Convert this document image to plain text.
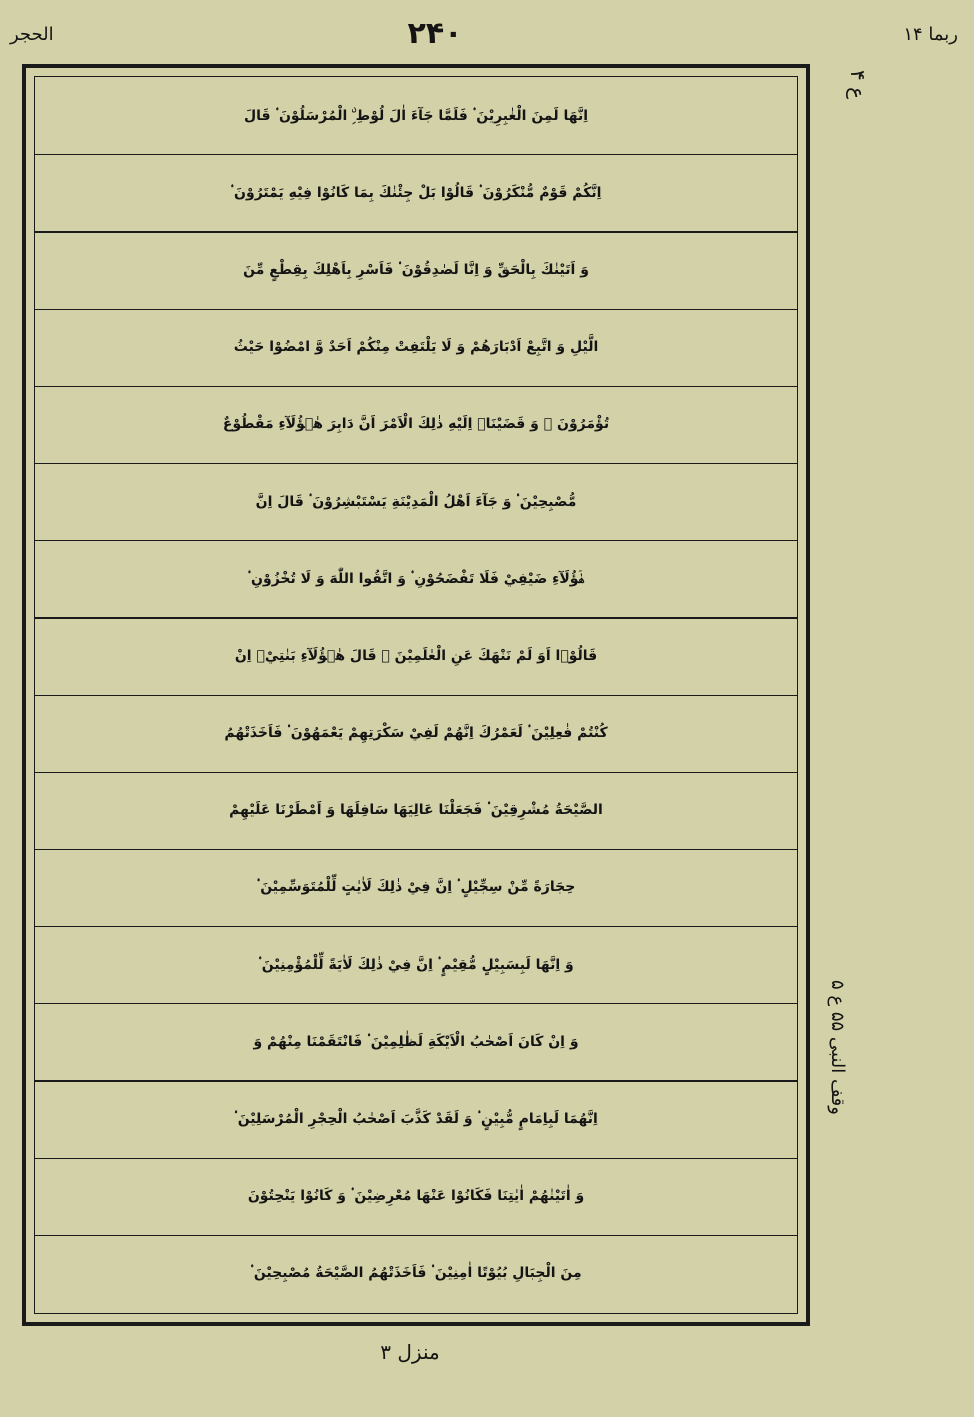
الحجر	۲۴۰	ربما ۱۴
اِنَّهَا لَمِنَ الْغٰبِرِيْنَ ۟ فَلَمَّا جَآءَ اٰلَ لُوْطِ ِۨ الْمُرْسَلُوْنَ ۟ قَالَ
اِنَّكُمْ قَوْمٌ مُّنْكَرُوْنَ ۟ قَالُوْا بَلْ جِئْنٰكَ بِمَا كَانُوْا فِيْهِ يَمْتَرُوْنَ ۟
وَ اَتَيْنٰكَ بِالْحَقِّ وَ اِنَّا لَصٰدِقُوْنَ ۟ فَاَسْرِ بِاَهْلِكَ بِقِطْعٍ مِّنَ
الَّيْلِ وَ اتَّبِعْ اَدْبَارَهُمْ وَ لَا يَلْتَفِتْ مِنْكُمْ اَحَدٌ وَّ امْضُوْا حَيْثُ
تُؤْمَرُوْنَ ۟ وَ قَضَيْنَاۤ اِلَيْهِ ذٰلِكَ الْاَمْرَ اَنَّ دَابِرَ هٰۤؤُلَآءِ مَقْطُوْعٌ
مُّصْبِحِيْنَ ۟ وَ جَآءَ اَهْلُ الْمَدِيْنَةِ يَسْتَبْشِرُوْنَ ۟ قَالَ اِنَّ
هٰۤؤُلَآءِ ضَيْفِيْ فَلَا تَفْضَحُوْنِ ۟ وَ اتَّقُوا اللّٰهَ وَ لَا تُخْزُوْنِ ۟
قَالُوْۤا اَوَ لَمْ نَنْهَكَ عَنِ الْعٰلَمِيْنَ ۟ قَالَ هٰۤؤُلَآءِ بَنٰتِيْۤ اِنْ
كُنْتُمْ فٰعِلِيْنَ ۟ لَعَمْرُكَ اِنَّهُمْ لَفِيْ سَكْرَتِهِمْ يَعْمَهُوْنَ ۟ فَاَخَذَتْهُمُ
الصَّيْحَةُ مُشْرِقِيْنَ ۟ فَجَعَلْنَا عَالِيَهَا سَافِلَهَا وَ اَمْطَرْنَا عَلَيْهِمْ
حِجَارَةً مِّنْ سِجِّيْلٍ ۟ اِنَّ فِيْ ذٰلِكَ لَاٰيٰتٍ لِّلْمُتَوَسِّمِيْنَ ۟
وَ اِنَّهَا لَبِسَبِيْلٍ مُّقِيْمٍ ۟ اِنَّ فِيْ ذٰلِكَ لَاٰيَةً لِّلْمُؤْمِنِيْنَ ۟
وَ اِنْ كَانَ اَصْحٰبُ الْاَيْكَةِ لَظٰلِمِيْنَ ۟ فَانْتَقَمْنَا مِنْهُمْ وَ
اِنَّهُمَا لَبِاِمَامٍ مُّبِيْنٍ ۟ وَ لَقَدْ كَذَّبَ اَصْحٰبُ الْحِجْرِ الْمُرْسَلِيْنَ ۟
وَ اٰتَيْنٰهُمْ اٰيٰتِنَا فَكَانُوْا عَنْهَا مُعْرِضِيْنَ ۟ وَ كَانُوْا يَنْحِتُوْنَ
مِنَ الْجِبَالِ بُيُوْتًا اٰمِنِيْنَ ۟ فَاَخَذَتْهُمُ الصَّيْحَةُ مُصْبِحِيْنَ ۟
ع ۴
وقف النبی ۵۵ ع ۵
منزل ۳
